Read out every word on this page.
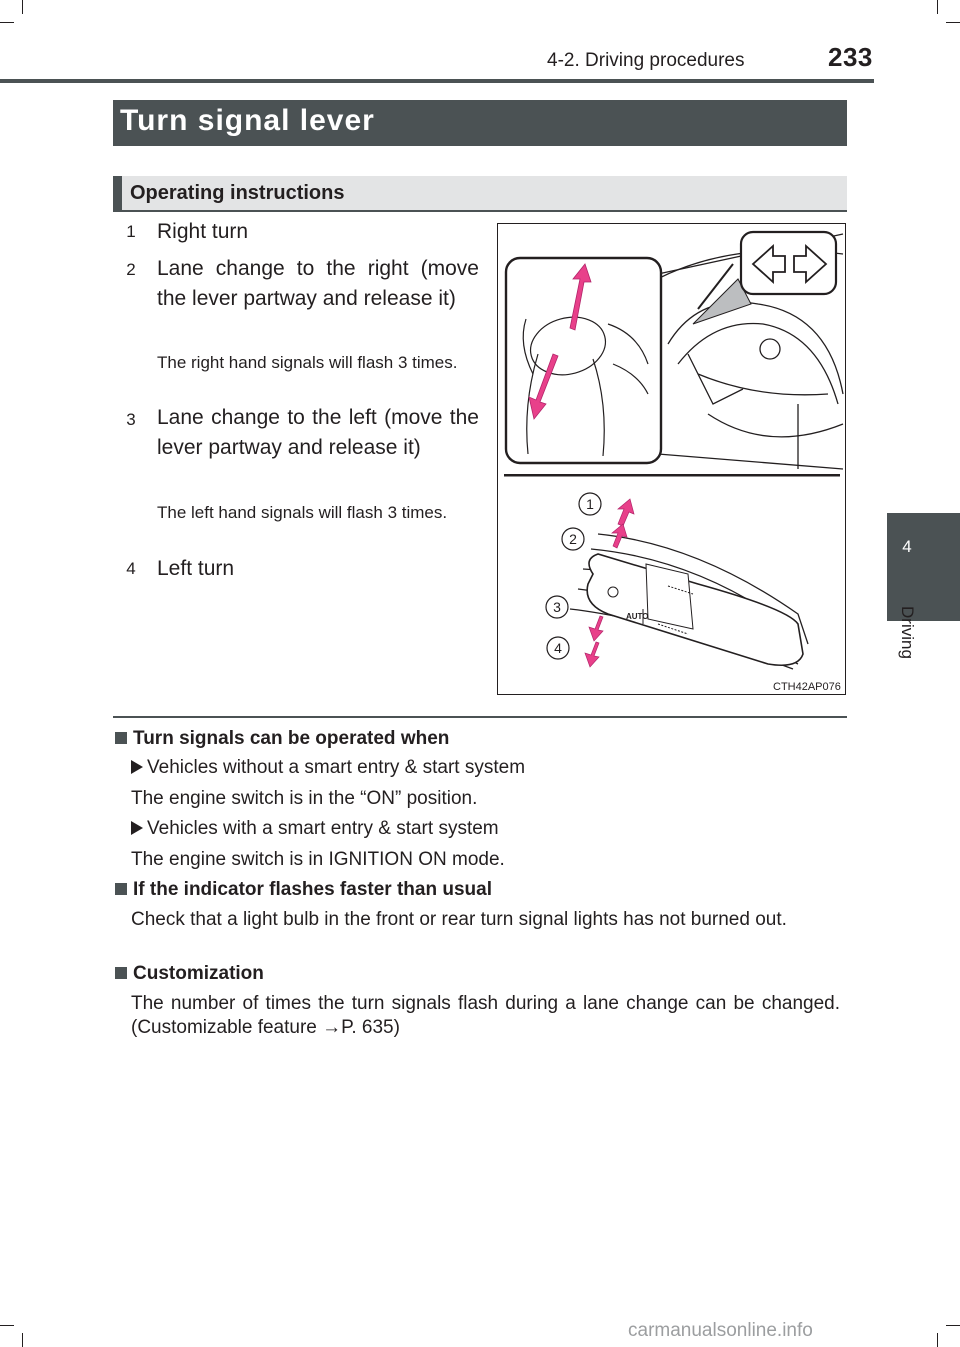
4-2. Driving procedures	233
4
Driving
Turn signal lever
Operating instructions
1 Right turn
2 Lane change to the right (move the lever partway and release it)
The right hand signals will flash 3 times.
3 Lane change to the left (move the lever partway and release it)
The left hand signals will flash 3 times.
4 Left turn
AUTO
1
2
3
4
CTH42AP076
Turn signals can be operated when
Vehicles without a smart entry & start system
The engine switch is in the “ON” position.
Vehicles with a smart entry & start system
The engine switch is in IGNITION ON mode.
If the indicator flashes faster than usual
Check that a light bulb in the front or rear turn signal lights has not burned out.
Customization
The number of times the turn signals flash during a lane change can be changed. (Customizable feature →P. 635)
carmanualsonline.info
